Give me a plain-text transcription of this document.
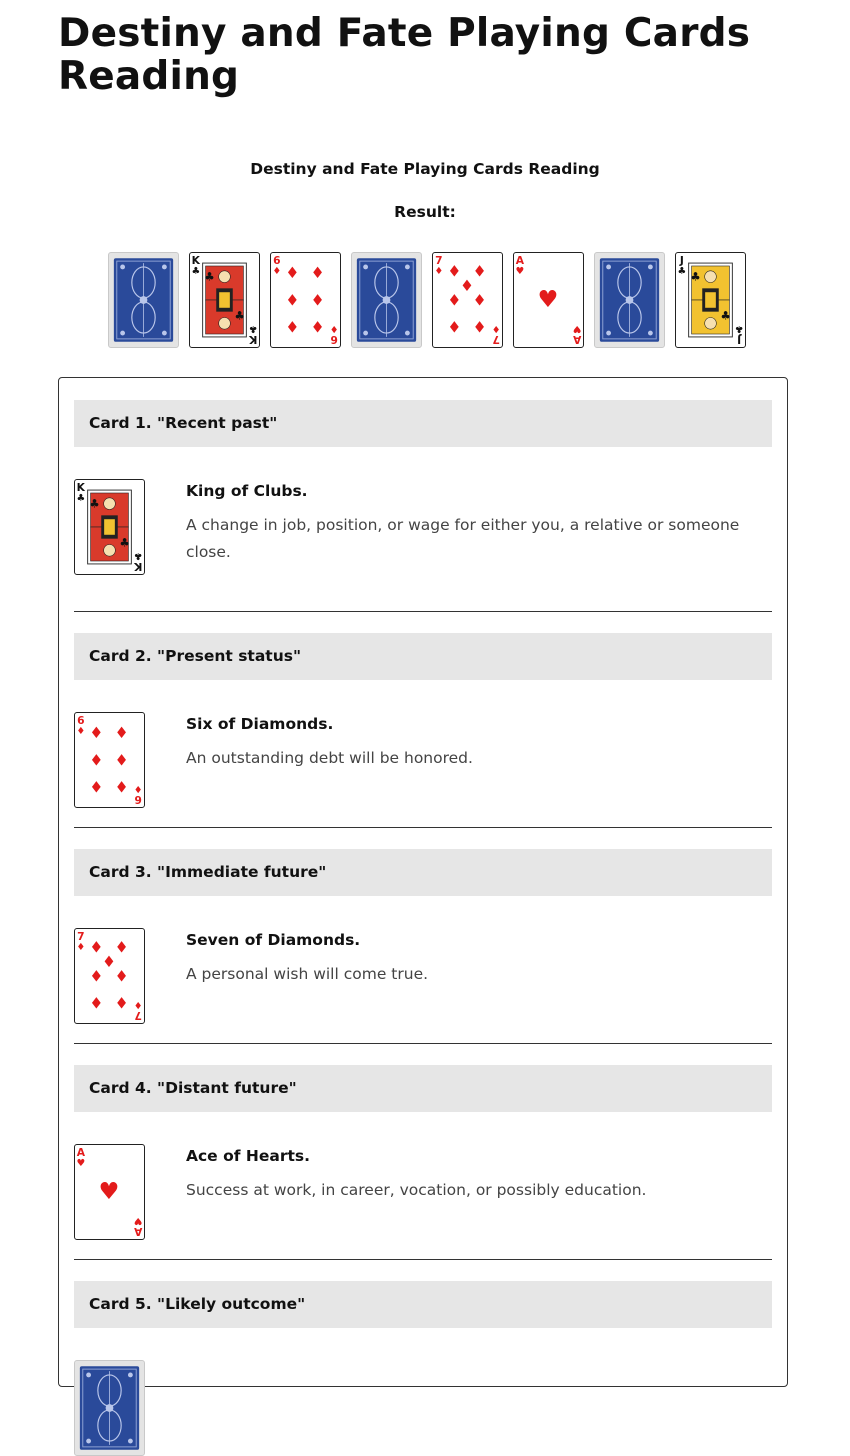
Destiny and Fate Playing Cards Reading
Destiny and Fate Playing Cards Reading
Result:
K
♣
K
♣
♣
♣
6
♦
6
♦
♦ ♦
♦ ♦
♦ ♦
7
♦
7
♦
♦ ♦
♦
♦ ♦
♦ ♦
A
♥
A
♥
♥
J
♣
J
♣
♣
♣
Card 1. "Recent past"
K
♣
K
♣
♣
♣
King of Clubs.
A change in job, position, or wage for either you, a relative or someone close.
Card 2. "Present status"
6
♦
6
♦
♦ ♦
♦ ♦
♦ ♦
Six of Diamonds.
An outstanding debt will be honored.
Card 3. "Immediate future"
7
♦
7
♦
♦ ♦
♦
♦ ♦
♦ ♦
Seven of Diamonds.
A personal wish will come true.
Card 4. "Distant future"
A
♥
A
♥
♥
Ace of Hearts.
Success at work, in career, vocation, or possibly education.
Card 5. "Likely outcome"
